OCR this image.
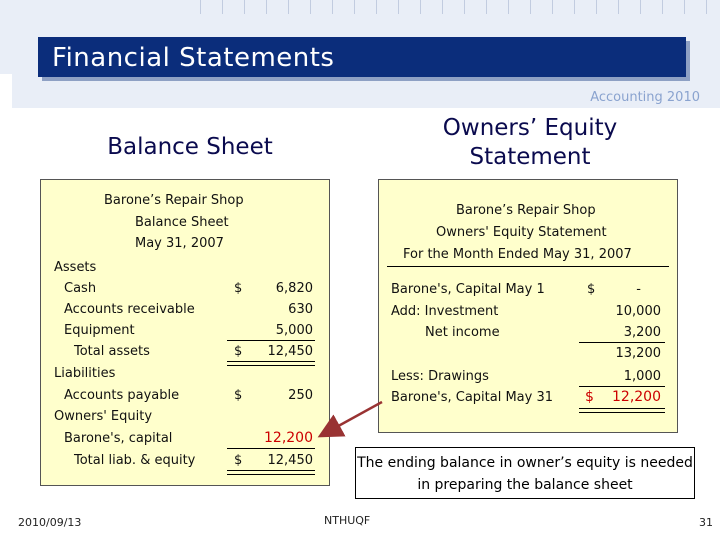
Financial Statements
Accounting 2010
Balance Sheet
Owners’ Equity Statement
Barone’s Repair Shop
Balance Sheet
May 31, 2007
Assets
Cash	$	6,820
Accounts receivable	630
Equipment	5,000
Total assets	$ 12,450
Liabilities
Accounts payable	$	250
Owners' Equity
Barone's, capital	12,200
Total liab. & equity	$ 12,450
Barone’s Repair Shop
Owners' Equity Statement
For the Month Ended May 31, 2007
Barone's, Capital May 1	$	-
Add: Investment	10,000
Net income	3,200
13,200
Less: Drawings	1,000
Barone's, Capital May 31 $ 12,200
The ending balance in owner’s equity is needed in preparing the balance sheet
2010/09/13	NTHUQF	31
